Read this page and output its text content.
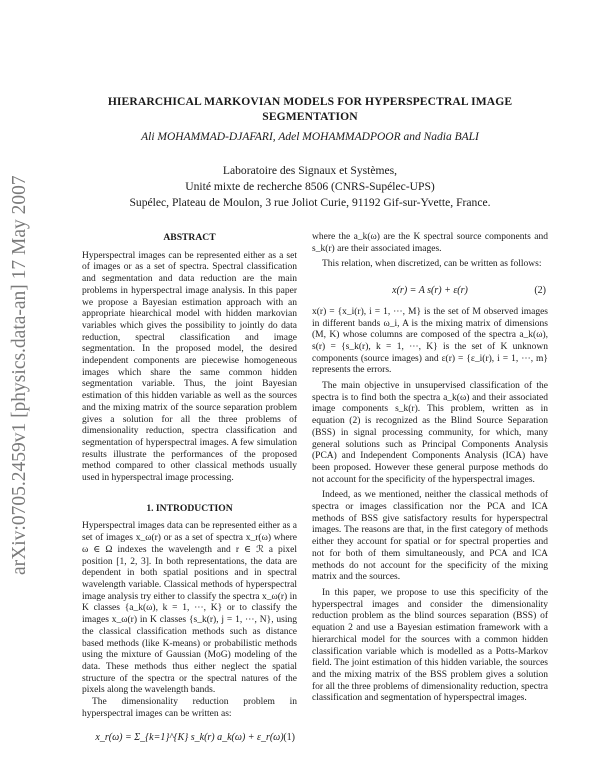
arXiv:0705.2459v1 [physics.data-an] 17 May 2007
HIERARCHICAL MARKOVIAN MODELS FOR HYPERSPECTRAL IMAGE
SEGMENTATION
Ali MOHAMMAD-DJAFARI, Adel MOHAMMADPOOR and Nadia BALI
Laboratoire des Signaux et Systèmes,
Unité mixte de recherche 8506 (CNRS-Supélec-UPS)
Supélec, Plateau de Moulon, 3 rue Joliot Curie, 91192 Gif-sur-Yvette, France.

ABSTRACT

Hyperspectral images can be represented either as a set of images or as a set of spectra. Spectral classification and segmentation and data reduction are the main problems in hyperspectral image analysis. In this paper we propose a Bayesian estimation approach with an appropriate hiearchical model with hidden markovian variables which gives the possibility to jointly do data reduction, spectral classification and image segmentation. In the proposed model, the desired independent components are piecewise homogeneous images which share the same common hidden segmentation variable. Thus, the joint Bayesian estimation of this hidden variable as well as the sources and the mixing matrix of the source separation problem gives a solution for all the three problems of dimensionality reduction, spectra classification and segmentation of hyperspectral images. A few simulation results illustrate the performances of the proposed method compared to other classical methods usually used in hyperspectral image processing.

1. INTRODUCTION

Hyperspectral images data can be represented either as a set of images x_ω(r) or as a set of spectra x_r(ω) where ω ∈ Ω indexes the wavelength and r ∈ ℛ a pixel position [1, 2, 3]. In both representations, the data are dependent in both spatial positions and in spectral wavelength variable. Classical methods of hyperspectral image analysis try either to classify the spectra x_ω(r) in K classes {a_k(ω), k = 1, ⋯, K} or to classify the images x_ω(r) in K classes {s_k(r), j = 1, ⋯, N}, using the classical classification methods such as distance based methods (like K-means) or probabilistic methods using the mixture of Gaussian (MoG) modeling of the data. These methods thus either neglect the spatial structure of the spectra or the spectral natures of the pixels along the wavelength bands.

The dimensionality reduction problem in hyperspectral images can be written as:

x_r(ω) = Σ_{k=1}^{K} s_k(r) a_k(ω) + ε_r(ω) (1)

where the a_k(ω) are the K spectral source components and s_k(r) are their associated images.

This relation, when discretized, can be written as follows:

x(r) = A s(r) + ε(r)	(2)

x(r) = {x_i(r), i = 1, ⋯, M} is the set of M observed images in different bands ω_i, A is the mixing matrix of dimensions (M, K) whose columns are composed of the spectra a_k(ω), s(r) = {s_k(r), k = 1, ⋯, K} is the set of K unknown components (source images) and ε(r) = {ε_i(r), i = 1, ⋯, m} represents the errors.

The main objective in unsupervised classification of the spectra is to find both the spectra a_k(ω) and their associated image components s_k(r). This problem, written as in equation (2) is recognized as the Blind Source Separation (BSS) in signal processing community, for which, many general solutions such as Principal Components Analysis (PCA) and Independent Components Analysis (ICA) have been proposed. However these general purpose methods do not account for the specificity of the hyperspectral images.

Indeed, as we mentioned, neither the classical methods of spectra or images classification nor the PCA and ICA methods of BSS give satisfactory results for hyperspectral images. The reasons are that, in the first category of methods either they account for spatial or for spectral properties and not for both of them simultaneously, and PCA and ICA methods do not account for the specificity of the mixing matrix and the sources.

In this paper, we propose to use this specificity of the hyperspectral images and consider the dimensionality reduction problem as the blind sources separation (BSS) of equation 2 and use a Bayesian estimation framework with a hierarchical model for the sources with a common hidden classification variable which is modelled as a Potts-Markov field. The joint estimation of this hidden variable, the sources and the mixing matrix of the BSS problem gives a solution for all the three problems of dimensionality reduction, spectra classification and segmentation of hyperspectral images.
